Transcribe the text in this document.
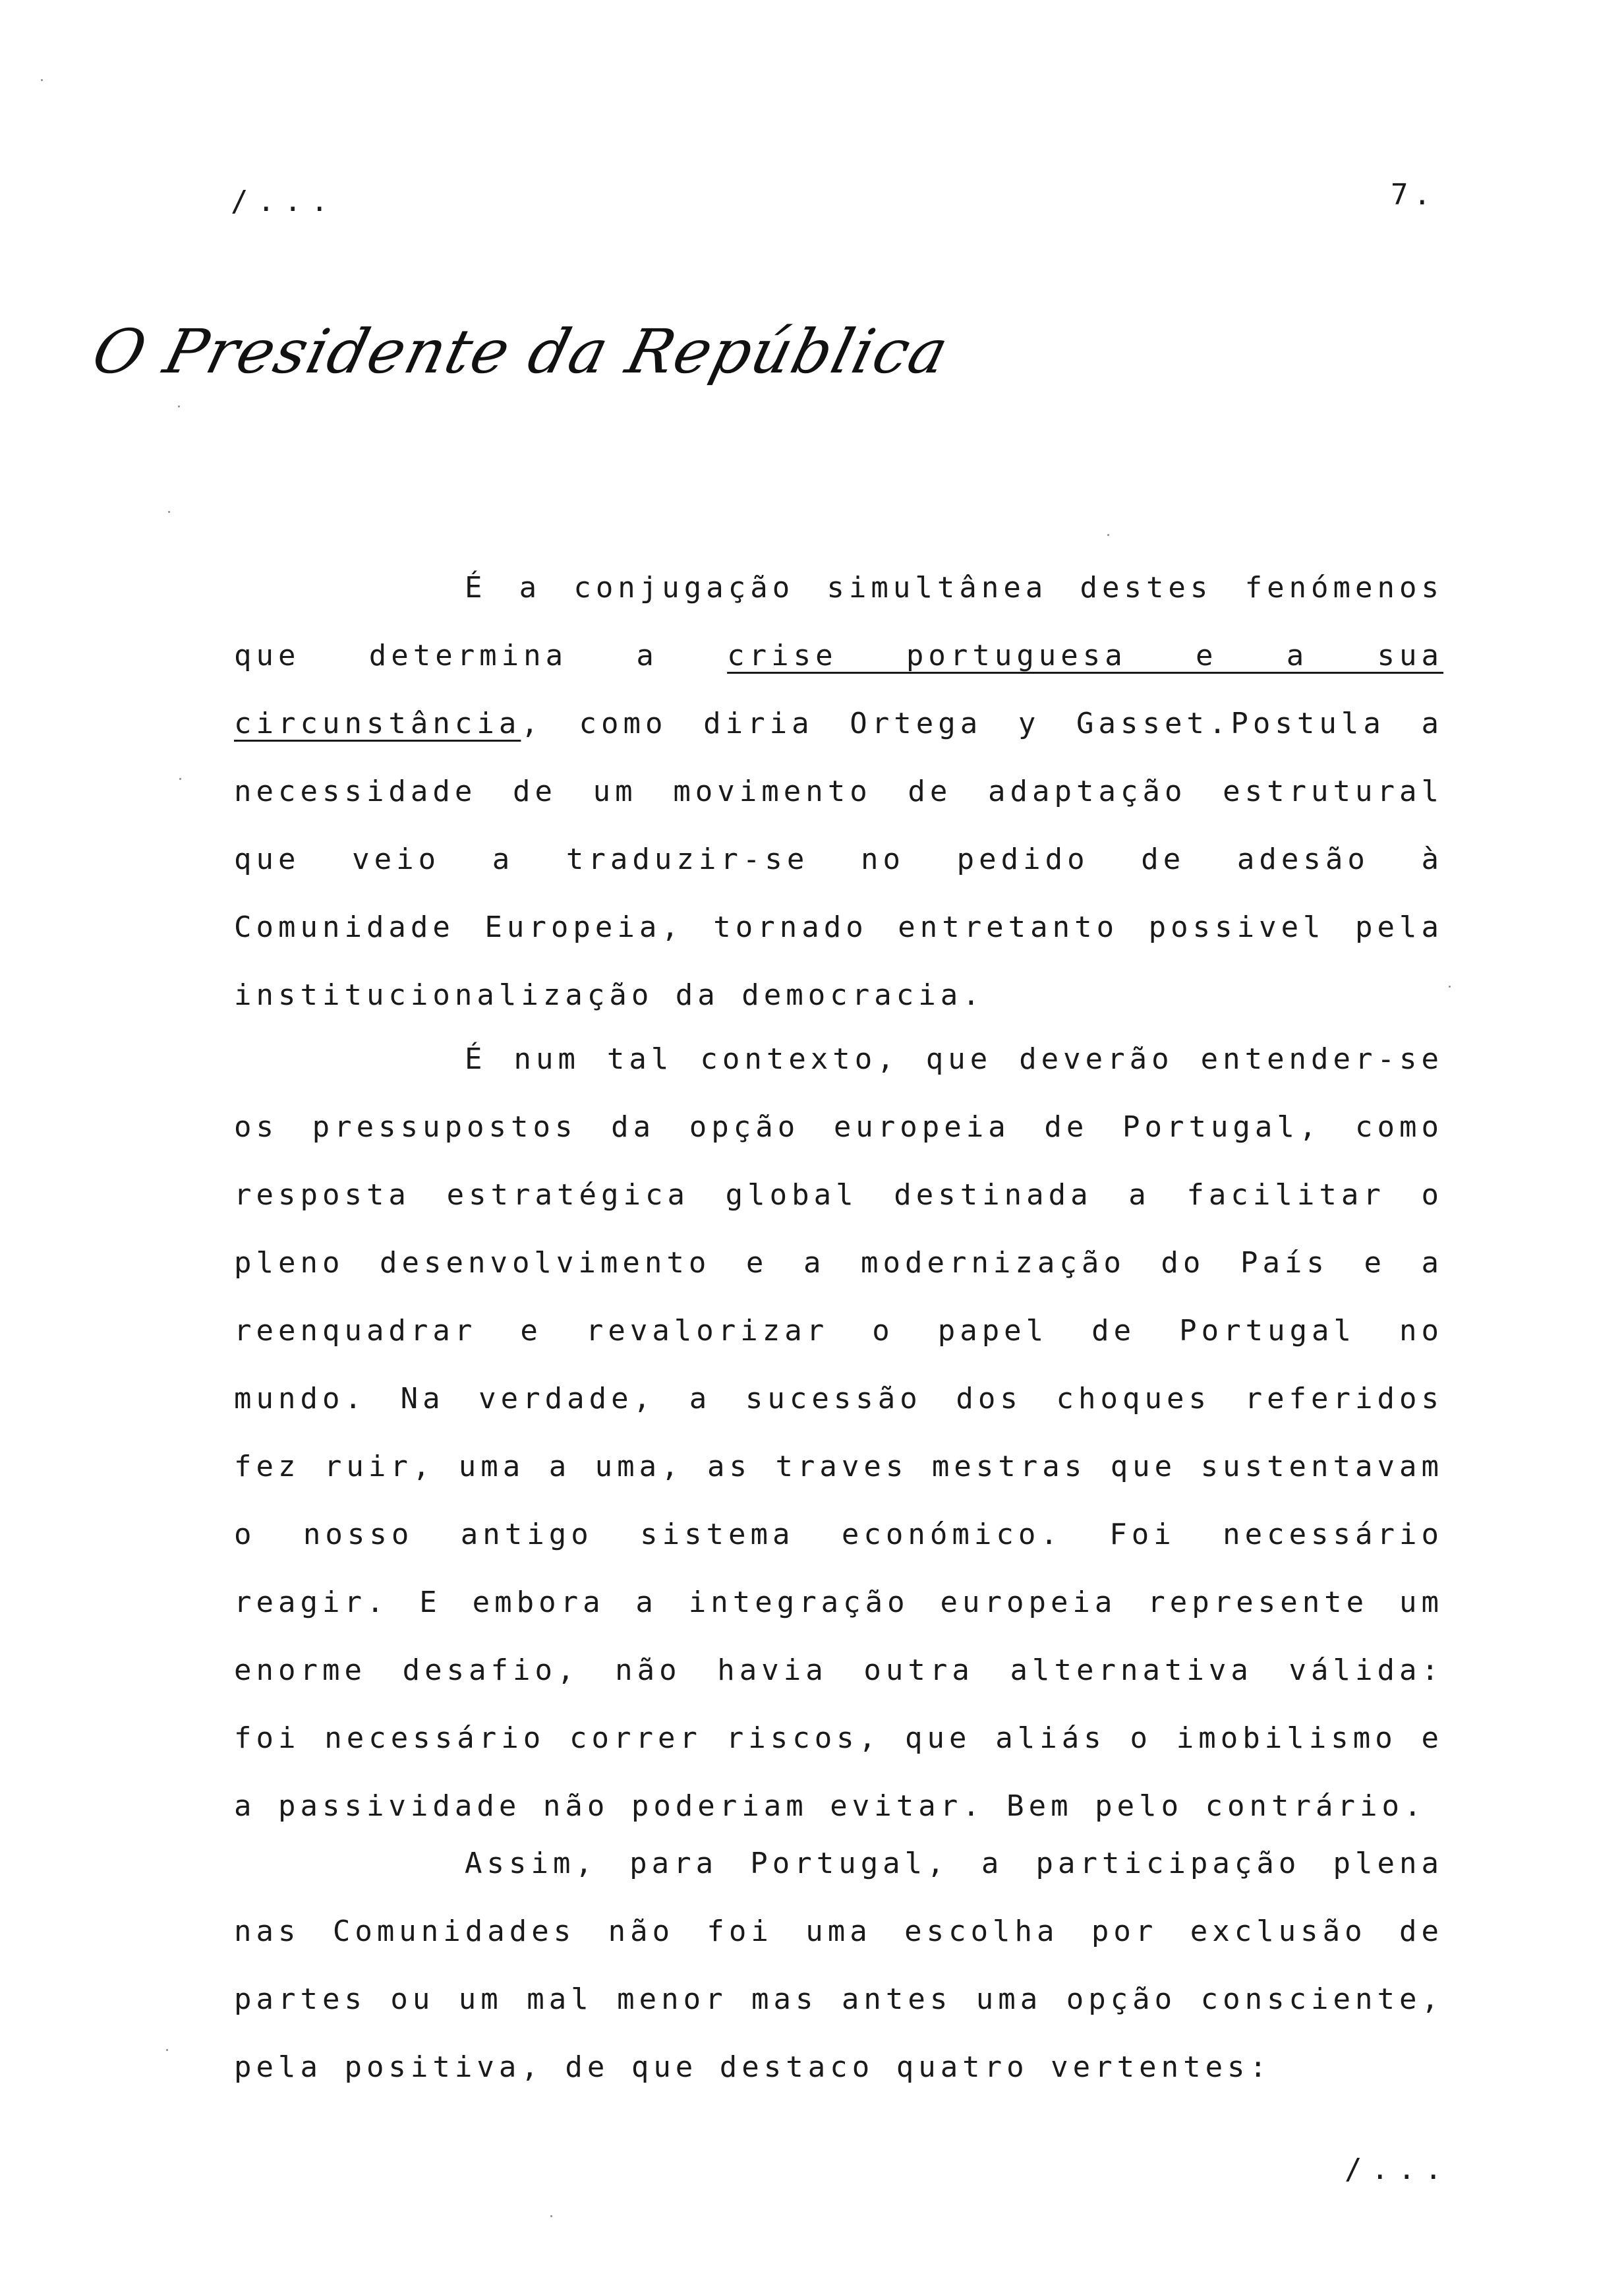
/...	7.
O Presidente da República
É a conjugação simultânea destes fenómenos que determina a crise portuguesa e a sua circunstância, como diria Ortega y Gasset.Postula a necessidade de um movimento de adaptação estrutural que veio a traduzir-se no pedido de adesão à Comunidade Europeia, tornado entretanto possivel pela institucionalização da democracia.
É num tal contexto, que deverão entender-se os pressupostos da opção europeia de Portugal, como resposta estratégica global destinada a facilitar o pleno desenvolvimento e a modernização do País e a reenquadrar e revalorizar o papel de Portugal no mundo. Na verdade, a sucessão dos choques referidos fez ruir, uma a uma, as traves mestras que sustentavam o nosso antigo sistema económico. Foi necessário reagir. E embora a integração europeia represente um enorme desafio, não havia outra alternativa válida: foi necessário correr riscos, que aliás o imobilismo e a passividade não poderiam evitar. Bem pelo contrário.
Assim, para Portugal, a participação plena nas Comunidades não foi uma escolha por exclusão de partes ou um mal menor mas antes uma opção consciente, pela positiva, de que destaco quatro vertentes:
/...
